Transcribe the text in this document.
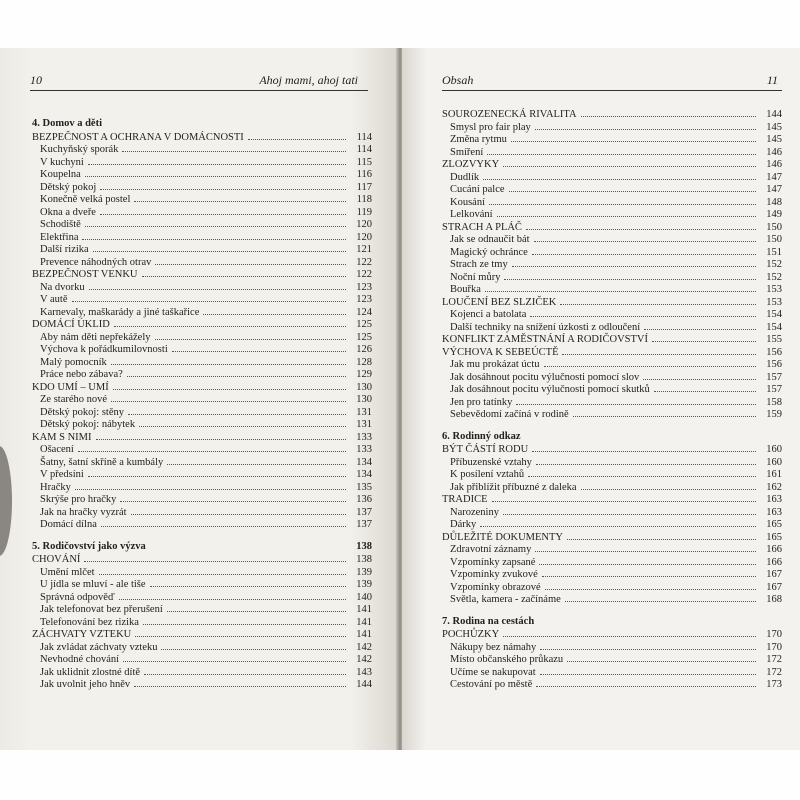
10	Ahoj mami, ahoj tati
4. Domov a děti
BEZPEČNOST A OCHRANA V DOMÁCNOSTI	114
Kuchyňský sporák	114
V kuchyni	115
Koupelna	116
Dětský pokoj	117
Konečně velká postel	118
Okna a dveře	119
Schodiště	120
Elektřina	120
Další rizika	121
Prevence náhodných otrav	122
BEZPEČNOST VENKU	122
Na dvorku	123
V autě	123
Karnevaly, maškarády a jiné taškařice	124
DOMÁCÍ ÚKLID	125
Aby nám děti nepřekážely	125
Výchova k pořádkumilovnosti	126
Malý pomocník	128
Práce nebo zábava?	129
KDO UMÍ – UMÍ	130
Ze starého nové	130
Dětský pokoj: stěny	131
Dětský pokoj: nábytek	131
KAM S NIMI	133
Ošacení	133
Šatny, šatní skříně a kumbály	134
V předsíni	134
Hračky	135
Skrýše pro hračky	136
Jak na hračky vyzrát	137
Domácí dílna	137
5. Rodičovství jako výzva	138
CHOVÁNÍ	138
Umění mlčet	139
U jídla se mluví - ale tiše	139
Správná odpověď	140
Jak telefonovat bez přerušení	141
Telefonování bez rizika	141
ZÁCHVATY VZTEKU	141
Jak zvládat záchvaty vzteku	142
Nevhodné chování	142
Jak uklidnit zlostné dítě	143
Jak uvolnit jeho hněv	144
Obsah	11
SOUROZENECKÁ RIVALITA	144
Smysl pro fair play	145
Změna rytmu	145
Smíření	146
ZLOZVYKY	146
Dudlík	147
Cucání palce	147
Kousání	148
Lelkování	149
STRACH A PLÁČ	150
Jak se odnaučit bát	150
Magický ochránce	151
Strach ze tmy	152
Noční můry	152
Bouřka	153
LOUČENÍ BEZ SLZIČEK	153
Kojenci a batolata	154
Další techniky na snížení úzkosti z odloučení	154
KONFLIKT ZAMĚSTNÁNÍ A RODIČOVSTVÍ	155
VÝCHOVA K SEBEÚCTĚ	156
Jak mu prokázat úctu	156
Jak dosáhnout pocitu výlučnosti pomocí slov	157
Jak dosáhnout pocitu výlučnosti pomocí skutků	157
Jen pro tatínky	158
Sebevědomí začíná v rodině	159
6. Rodinný odkaz
BÝT ČÁSTÍ RODU	160
Příbuzenské vztahy	160
K posílení vztahů	161
Jak přiblížit příbuzné z daleka	162
TRADICE	163
Narozeniny	163
Dárky	165
DŮLEŽITÉ DOKUMENTY	165
Zdravotní záznamy	166
Vzpomínky zapsané	166
Vzpomínky zvukové	167
Vzpomínky obrazové	167
Světla, kamera - začínáme	168
7. Rodina na cestách
POCHŮZKY	170
Nákupy bez námahy	170
Místo občanského průkazu	172
Učíme se nakupovat	172
Cestování po městě	173
